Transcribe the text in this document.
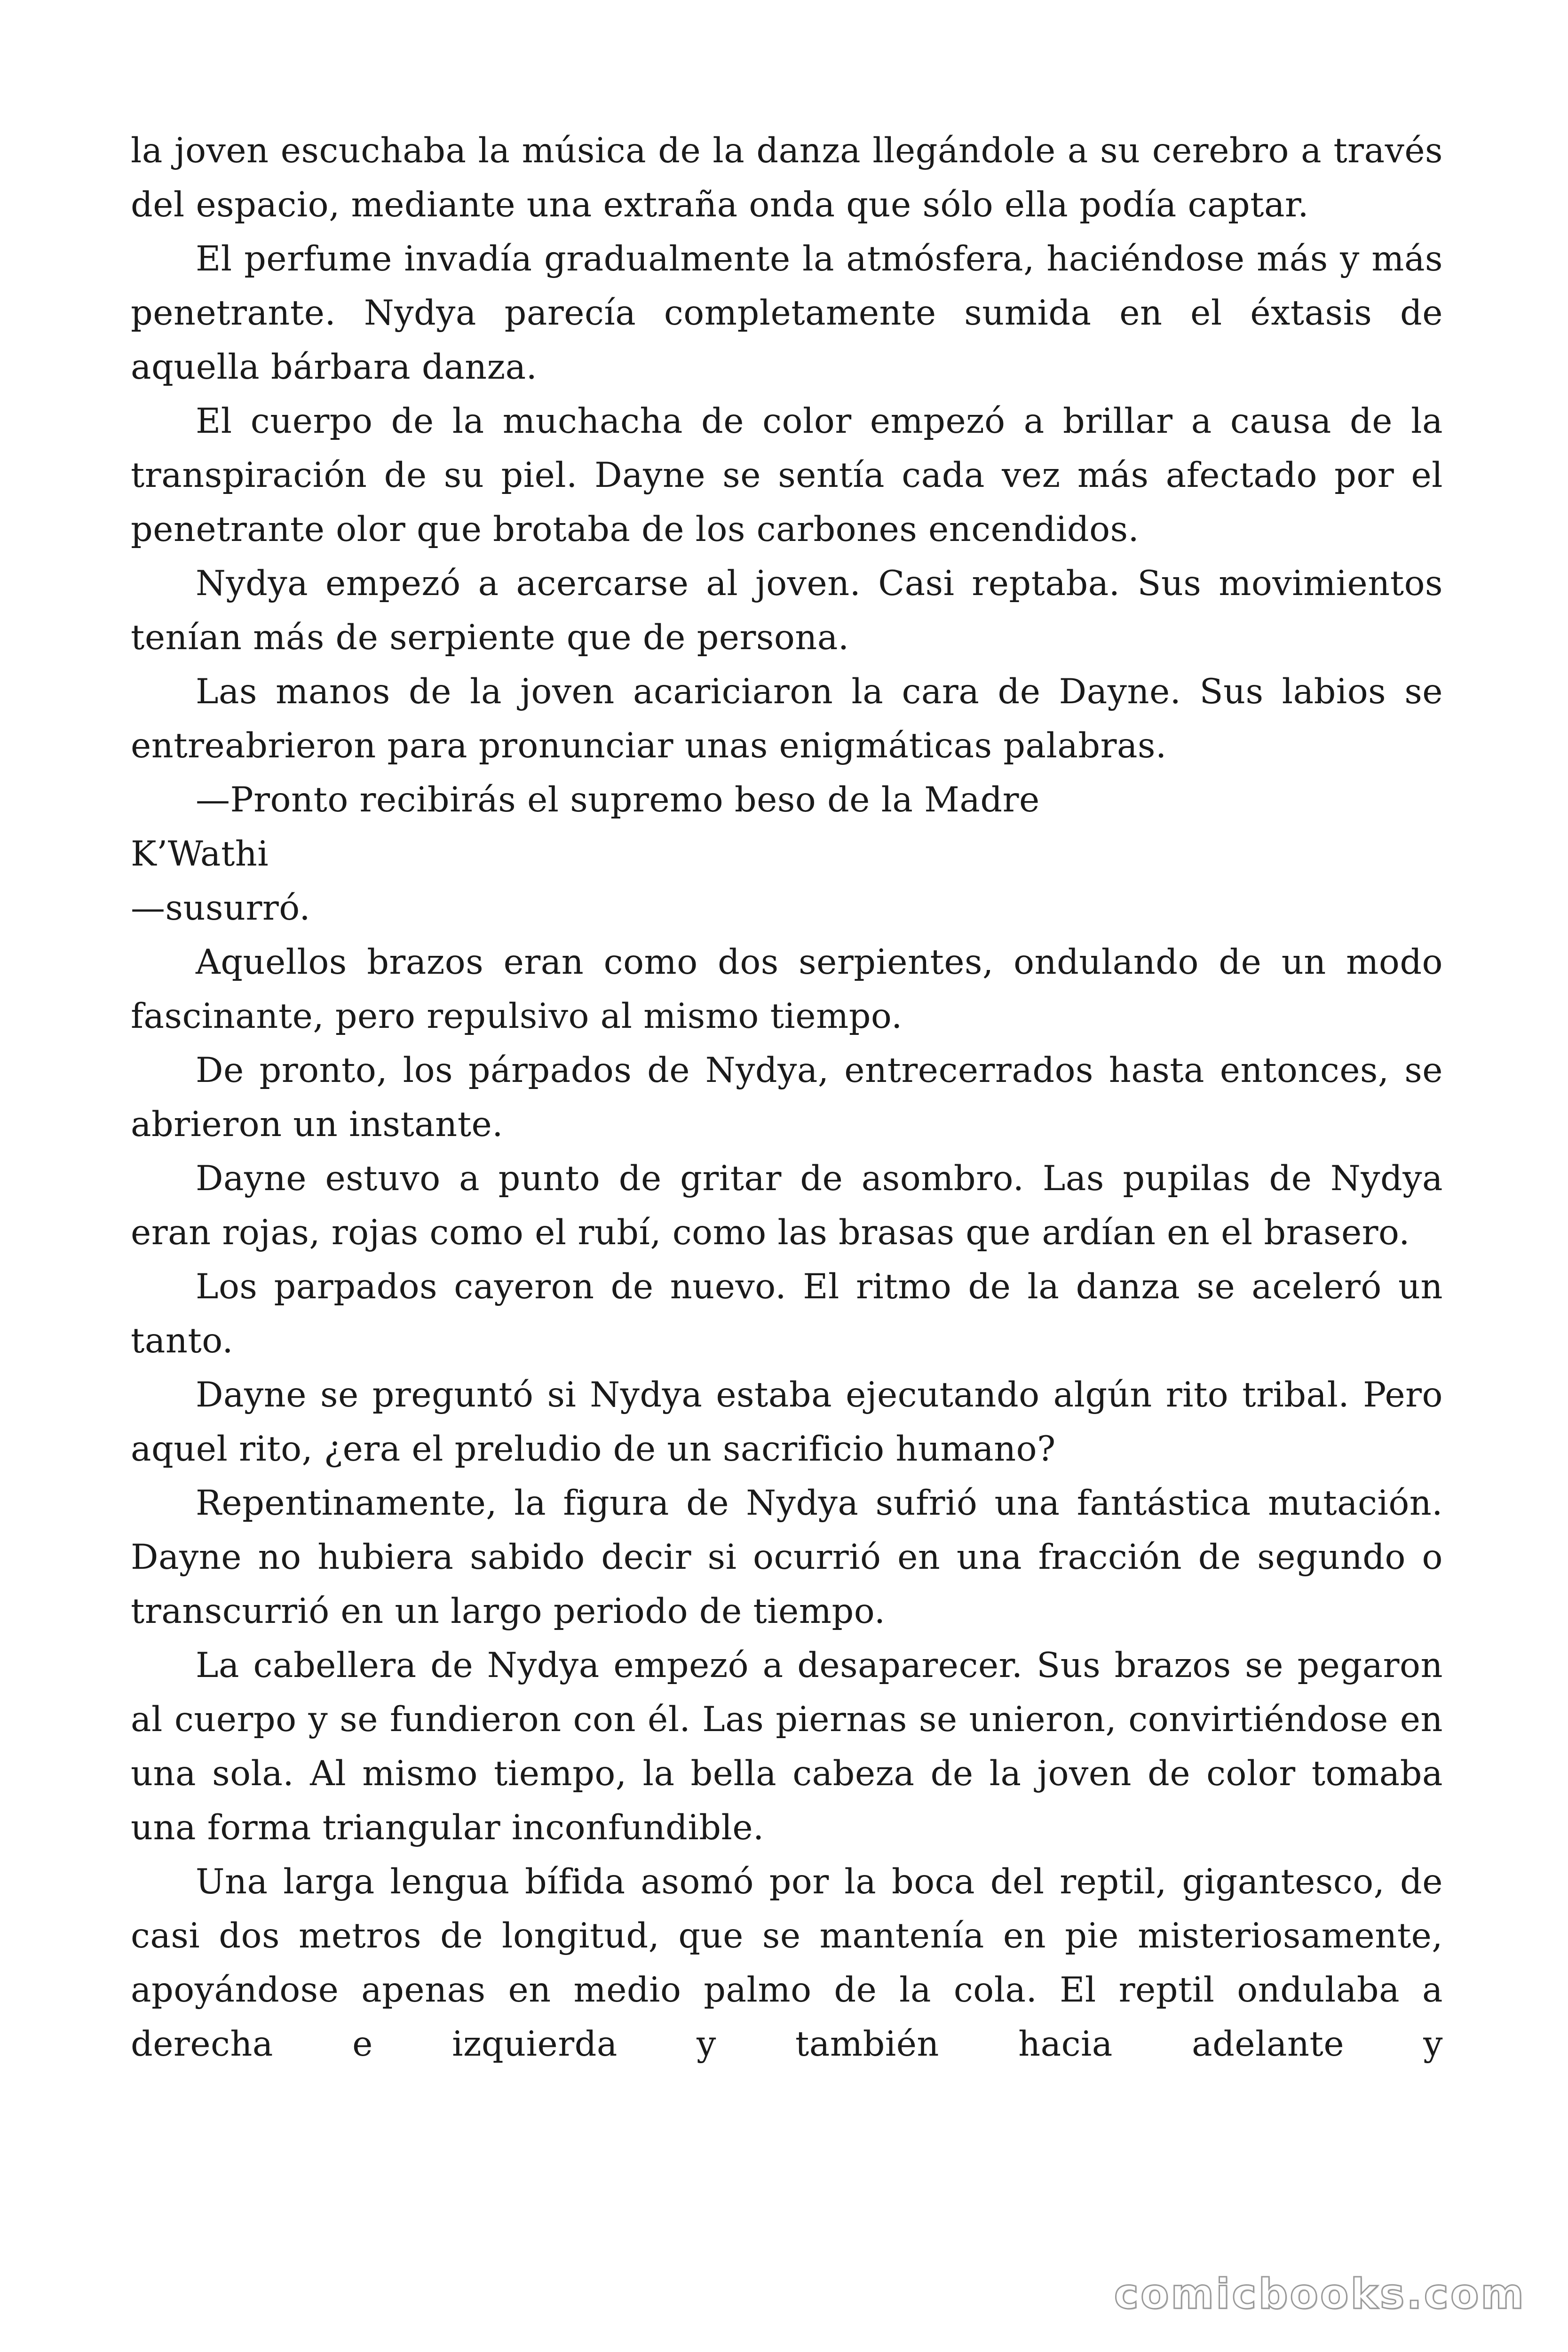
la joven escuchaba la música de la danza llegándole a su cerebro a través del espacio, mediante una extraña onda que sólo ella podía captar.

El perfume invadía gradualmente la atmósfera, haciéndose más y más penetrante. Nydya parecía completamente sumida en el éxtasis de aquella bárbara danza.

El cuerpo de la muchacha de color empezó a brillar a causa de la transpiración de su piel. Dayne se sentía cada vez más afectado por el penetrante olor que brotaba de los carbones encendidos.

Nydya empezó a acercarse al joven. Casi reptaba. Sus movimientos tenían más de serpiente que de persona.

Las manos de la joven acariciaron la cara de Dayne. Sus labios se entreabrieron para pronunciar unas enigmáticas palabras.

—Pronto recibirás el supremo beso de la Madre

K’Wathi

—susurró.

Aquellos brazos eran como dos serpientes, ondulando de un modo fascinante, pero repulsivo al mismo tiempo.

De pronto, los párpados de Nydya, entrecerrados hasta entonces, se abrieron un instante.

Dayne estuvo a punto de gritar de asombro. Las pupilas de Nydya eran rojas, rojas como el rubí, como las brasas que ardían en el brasero.

Los parpados cayeron de nuevo. El ritmo de la danza se aceleró un tanto.

Dayne se preguntó si Nydya estaba ejecutando algún rito tribal. Pero aquel rito, ¿era el preludio de un sacrificio humano?

Repentinamente, la figura de Nydya sufrió una fantástica mutación. Dayne no hubiera sabido decir si ocurrió en una fracción de segundo o transcurrió en un largo periodo de tiempo.

La cabellera de Nydya empezó a desaparecer. Sus brazos se pegaron al cuerpo y se fundieron con él. Las piernas se unieron, convirtiéndose en una sola. Al mismo tiempo, la bella cabeza de la joven de color tomaba una forma triangular inconfundible.

Una larga lengua bífida asomó por la boca del reptil, gigantesco, de casi dos metros de longitud, que se mantenía en pie misteriosamente, apoyándose apenas en medio palmo de la cola. El reptil ondulaba a derecha e izquierda y también hacia adelante y

comicbooks.com
